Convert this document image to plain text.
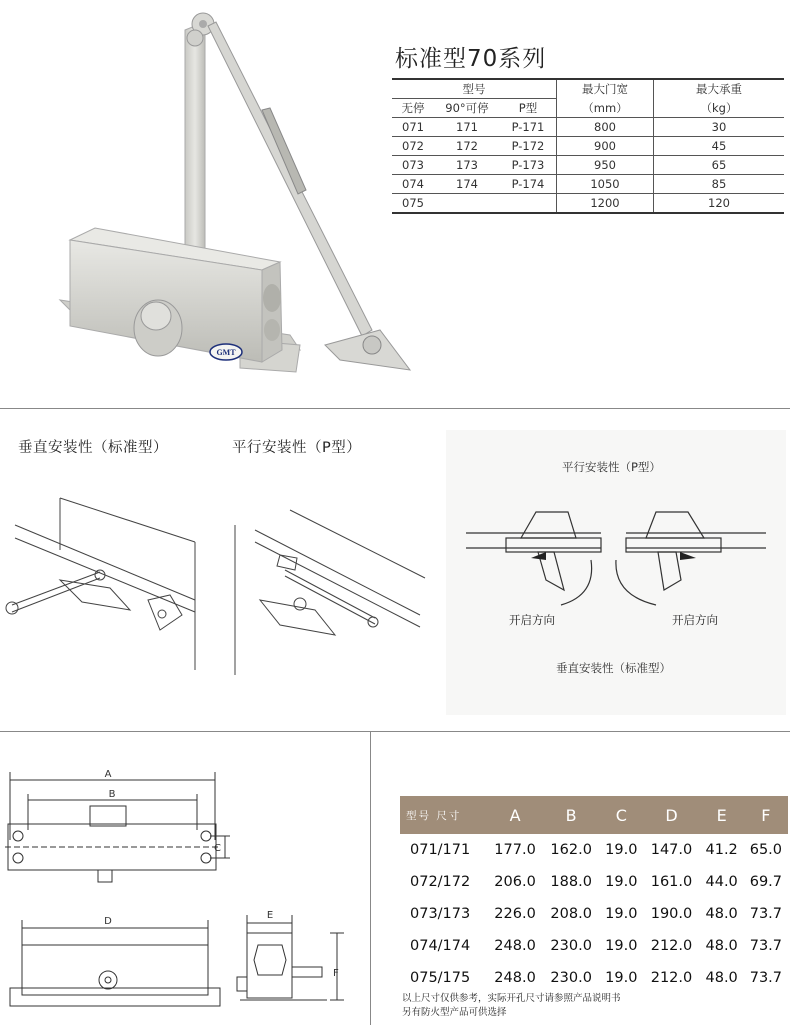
GMT
标准型70系列
型号			最大门宽	最大承重
无停	90°可停	P型	（mm）	（kg）
071	171	P-171	800	30
072	172	P-172	900	45
073	173	P-173	950	65
074	174	P-174	1050	85
075			1200	120
垂直安装性（标准型）	平行安装性（P型）
平行安装性（P型）
开启方向	开启方向
垂直安装性（标准型）
A
B
C
D
E
F
型号 尺寸	A	B	C	D	E	F
071/171	177.0	162.0	19.0	147.0	41.2	65.0
072/172	206.0	188.0	19.0	161.0	44.0	69.7
073/173	226.0	208.0	19.0	190.0	48.0	73.7
074/174	248.0	230.0	19.0	212.0	48.0	73.7
075/175	248.0	230.0	19.0	212.0	48.0	73.7
以上尺寸仅供参考，实际开孔尺寸请参照产品说明书
另有防火型产品可供选择
